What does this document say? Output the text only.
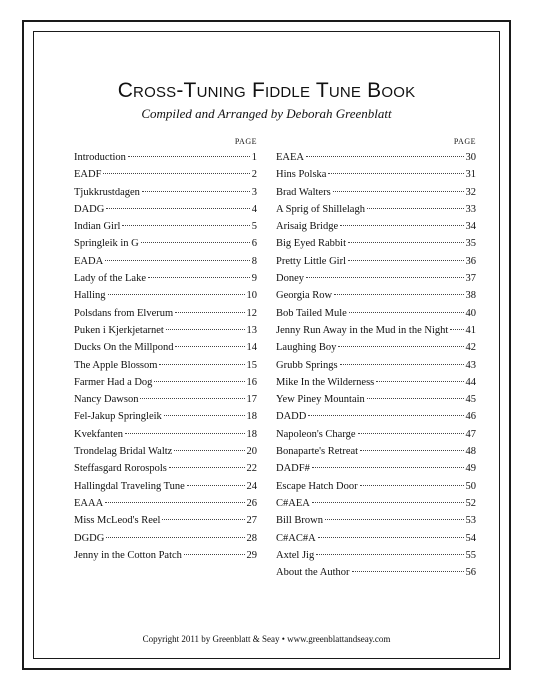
Cross-Tuning Fiddle Tune Book

Compiled and Arranged by Deborah Greenblatt

PAGE
Introduction	1
EADF	2
Tjukkrustdagen	3
DADG	4
Indian Girl	5
Springleik in G	6
EADA	8
Lady of the Lake	9
Halling	10
Polsdans from Elverum	12
Puken i Kjerkjetarnet	13
Ducks On the Millpond	14
The Apple Blossom	15
Farmer Had a Dog	16
Nancy Dawson	17
Fel-Jakup Springleik	18
Kvekfanten	18
Trondelag Bridal Waltz	20
Steffasgard Rorospols	22
Hallingdal Traveling Tune	24
EAAA	26
Miss McLeod's Reel	27
DGDG	28
Jenny in the Cotton Patch	29
PAGE
EAEA	30
Hins Polska	31
Brad Walters	32
A Sprig of Shillelagh	33
Arisaig Bridge	34
Big Eyed Rabbit	35
Pretty Little Girl	36
Doney	37
Georgia Row	38
Bob Tailed Mule	40
Jenny Run Away in the Mud in the Night 41
Laughing Boy	42
Grubb Springs	43
Mike In the Wilderness	44
Yew Piney Mountain	45
DADD	46
Napoleon's Charge	47
Bonaparte's Retreat	48
DADF#	49
Escape Hatch Door	50
C#AEA	52
Bill Brown	53
C#AC#A	54
Axtel Jig	55
About the Author	56

Copyright 2011 by Greenblatt & Seay • www.greenblattandseay.com
